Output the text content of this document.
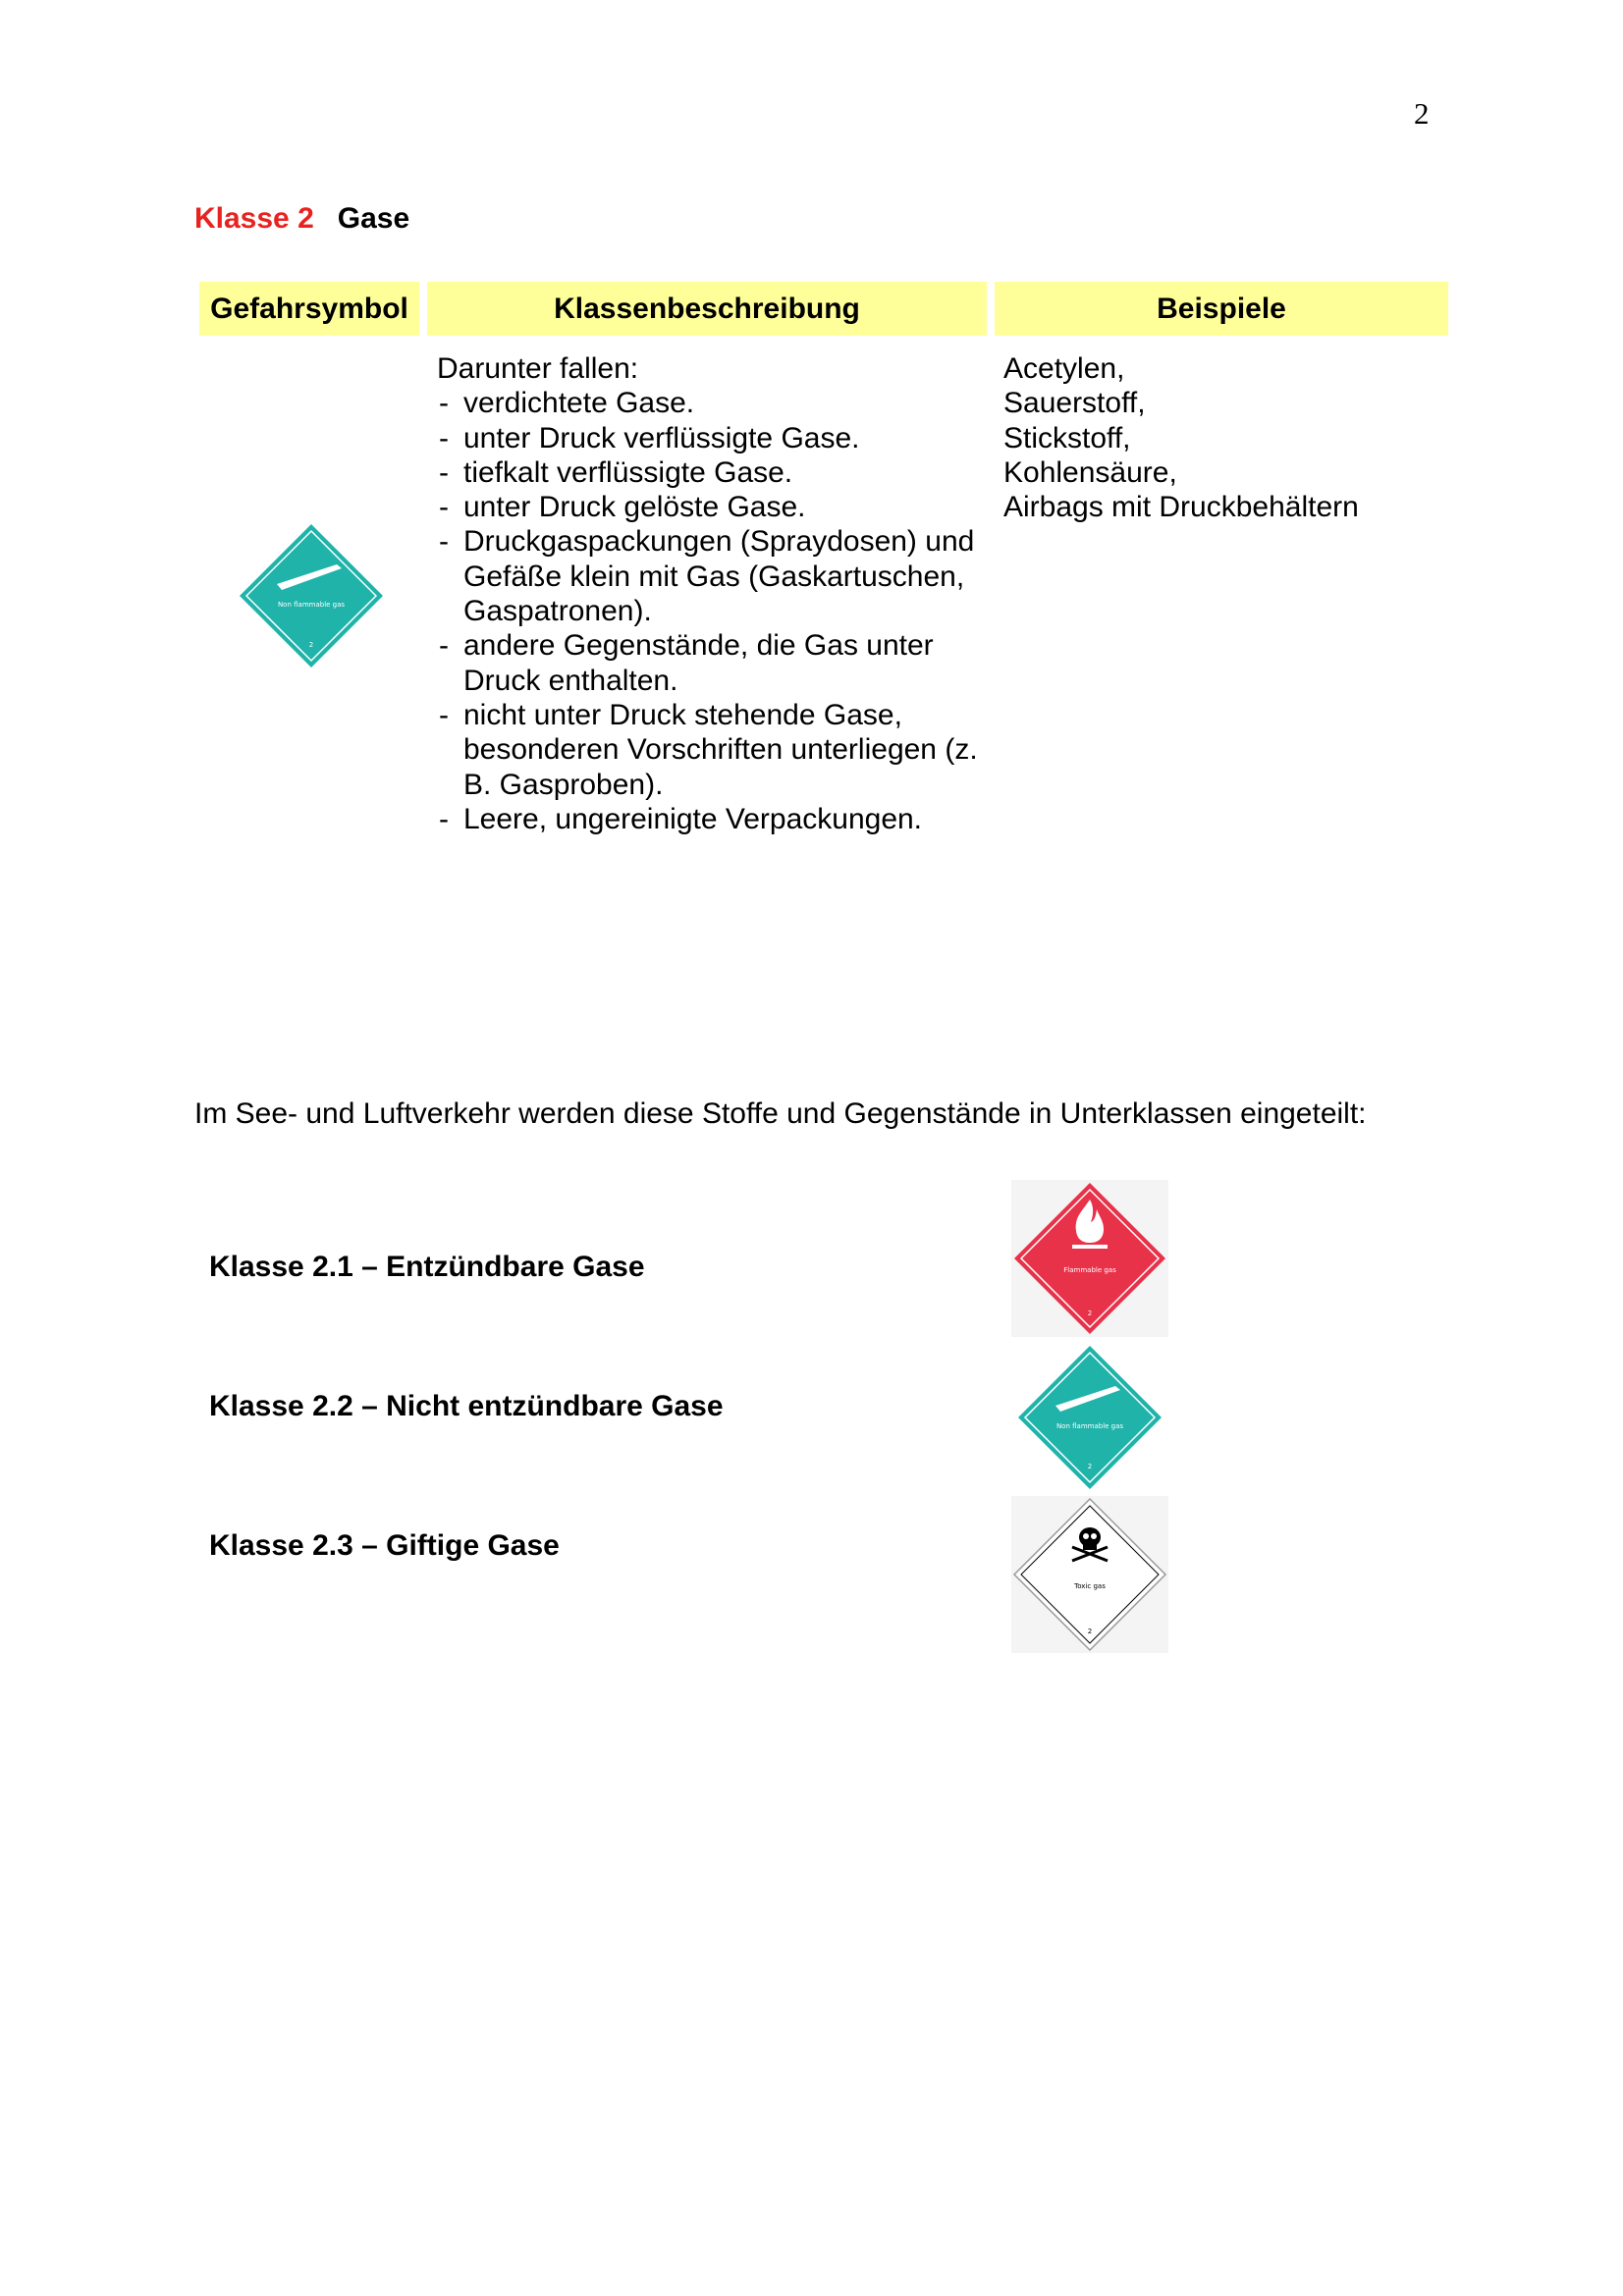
2
Klasse 2 Gase
Gefahrsymbol	Klassenbeschreibung	Beispiele
Non flammable gas
2

Darunter fallen:

- verdichtete Gase.
- unter Druck verflüssigte Gase.
- tiefkalt verflüssigte Gase.
- unter Druck gelöste Gase.
- Druckgaspackungen (Spraydosen) und Gefäße klein mit Gas (Gaskartuschen, Gaspatronen).
- andere Gegenstände, die Gas unter Druck enthalten.
- nicht unter Druck stehende Gase, besonderen Vorschriften unterliegen (z. B. Gasproben).
- Leere, ungereinigte Verpackungen.
Acetylen,
Sauerstoff,
Stickstoff,
Kohlensäure,
Airbags mit Druckbehältern
Im See- und Luftverkehr werden diese Stoffe und Gegenstände in Unterklassen eingeteilt:
Klasse 2.1 – Entzündbare Gase
Klasse 2.2 – Nicht entzündbare Gase
Klasse 2.3 – Giftige Gase
Flammable gas
2
Non flammable gas
2
Toxic gas
2
